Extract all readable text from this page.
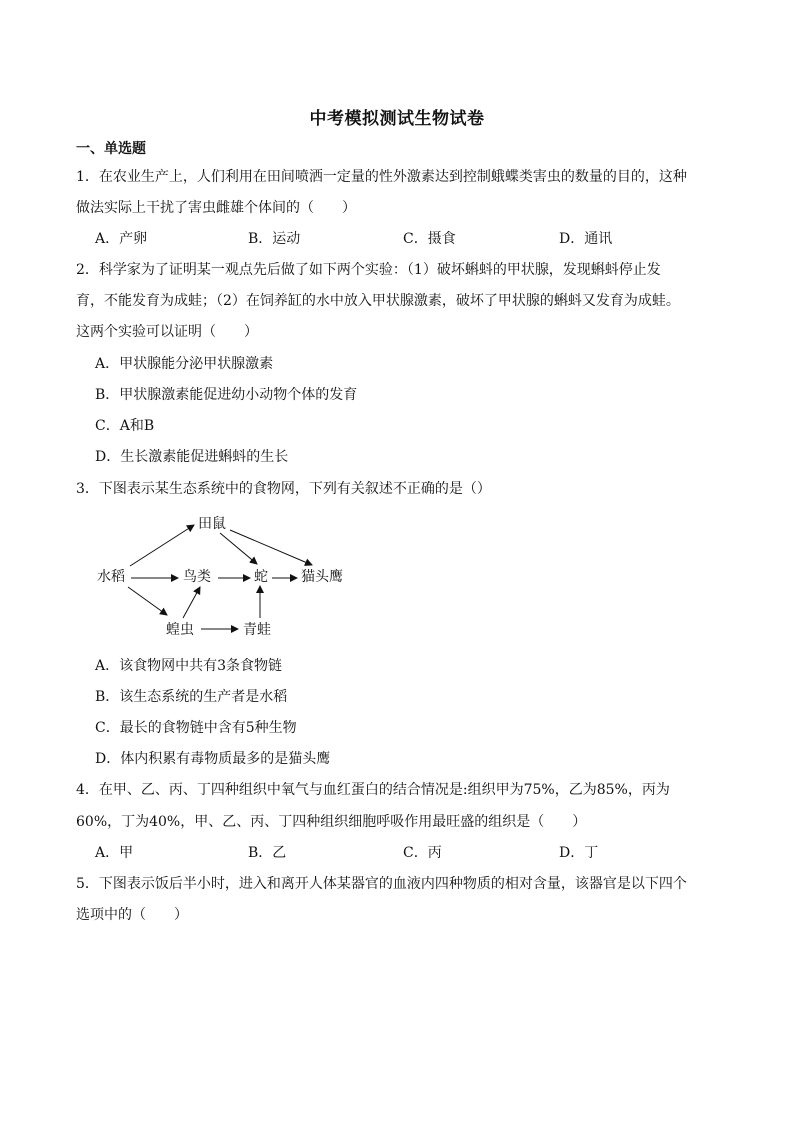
中考模拟测试生物试卷
一、单选题
1．在农业生产上，人们利用在田间喷洒一定量的性外激素达到控制蛾蝶类害虫的数量的目的，这种
做法实际上干扰了害虫雌雄个体间的（　　）
A．产卵	B．运动	C．摄食	D．通讯
2．科学家为了证明某一观点先后做了如下两个实验：（1）破坏蝌蚪的甲状腺，发现蝌蚪停止发
育，不能发育为成蛙；（2）在饲养缸的水中放入甲状腺激素，破坏了甲状腺的蝌蚪又发育为成蛙。
这两个实验可以证明（　　）
A．甲状腺能分泌甲状腺激素
B．甲状腺激素能促进幼小动物个体的发育
C．A和B
D．生长激素能促进蝌蚪的生长
3．下图表示某生态系统中的食物网，下列有关叙述不正确的是（）
水稻
田鼠
鸟类	蛇 猫头鹰
蝗虫	青蛙
A．该食物网中共有3条食物链
B．该生态系统的生产者是水稻
C．最长的食物链中含有5种生物
D．体内积累有毒物质最多的是猫头鹰
4．在甲、乙、丙、丁四种组织中氧气与血红蛋白的结合情况是:组织甲为75%，乙为85%，丙为
60%，丁为40%，甲、乙、丙、丁四种组织细胞呼吸作用最旺盛的组织是（　　）
A．甲	B．乙	C．丙	D．丁
5．下图表示饭后半小时，进入和离开人体某器官的血液内四种物质的相对含量，该器官是以下四个
选项中的（　　）
